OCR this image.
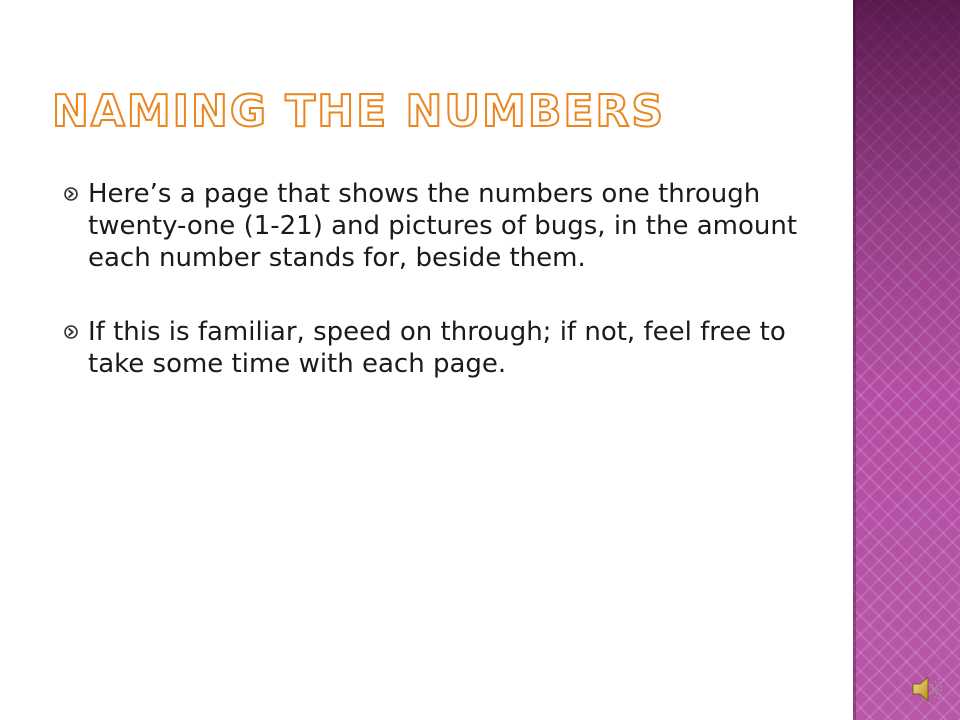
NAMING THE NUMBERS
Here’s a page that shows the numbers one through twenty-one (1-21) and pictures of bugs, in the amount each number stands for, beside them.
If this is familiar, speed on through; if not, feel free to take some time with each page.
